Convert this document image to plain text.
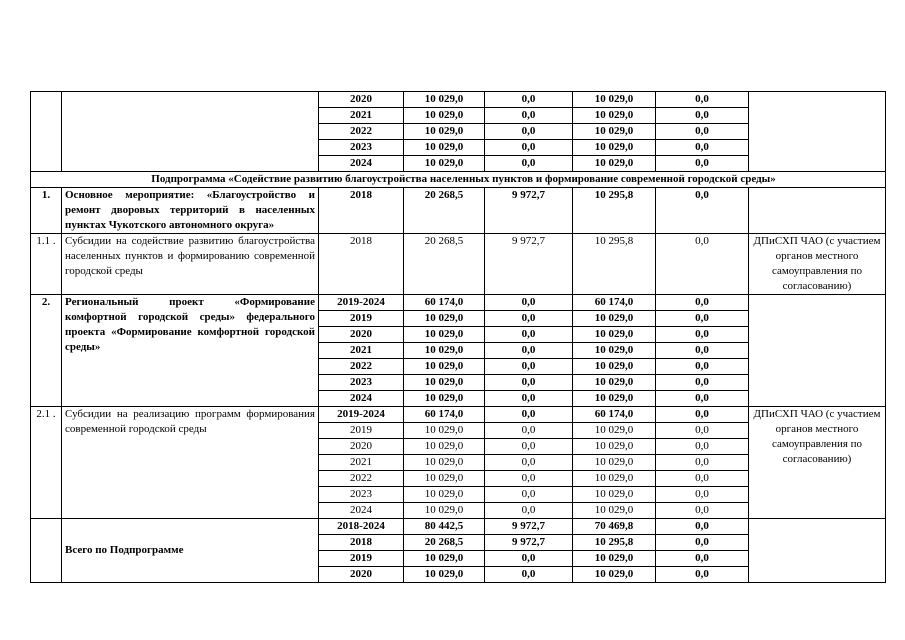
		2020	10 029,0	0,0	10 029,0	0,0	
		2021	10 029,0	0,0	10 029,0	0,0	
		2022	10 029,0	0,0	10 029,0	0,0	
		2023	10 029,0	0,0	10 029,0	0,0	
		2024	10 029,0	0,0	10 029,0	0,0	
Подпрограмма «Содействие развитию благоустройства населенных пунктов и формирование современной городской среды»							
1.	Основное мероприятие: «Благоустройство и ремонт дворовых территорий в населенных пунктах Чукотского автономного округа»	2018	20 268,5	9 972,7	10 295,8	0,0	
1.1 .	Субсидии на содействие развитию благоустройства населенных пунктов и формированию современной городской среды	2018	20 268,5	9 972,7	10 295,8	0,0	ДПиСХП ЧАО (с участием органов местного самоуправления по согласованию)
2.	Региональный проект «Формирование комфортной городской среды» федерального проекта «Формирование комфортной городской среды»	2019-2024	60 174,0	0,0	60 174,0	0,0	
		2019	10 029,0	0,0	10 029,0	0,0	
		2020	10 029,0	0,0	10 029,0	0,0	
		2021	10 029,0	0,0	10 029,0	0,0	
		2022	10 029,0	0,0	10 029,0	0,0	
		2023	10 029,0	0,0	10 029,0	0,0	
		2024	10 029,0	0,0	10 029,0	0,0	
2.1 .	Субсидии на реализацию программ формирования современной городской среды	2019-2024	60 174,0	0,0	60 174,0	0,0	ДПиСХП ЧАО (с участием органов местного самоуправления по согласованию)
		2019	10 029,0	0,0	10 029,0	0,0	
		2020	10 029,0	0,0	10 029,0	0,0	
		2021	10 029,0	0,0	10 029,0	0,0	
		2022	10 029,0	0,0	10 029,0	0,0	
		2023	10 029,0	0,0	10 029,0	0,0	
		2024	10 029,0	0,0	10 029,0	0,0	
	Всего по Подпрограмме	2018-2024	80 442,5	9 972,7	70 469,8	0,0	
		2018	20 268,5	9 972,7	10 295,8	0,0	
		2019	10 029,0	0,0	10 029,0	0,0	
		2020	10 029,0	0,0	10 029,0	0,0	
